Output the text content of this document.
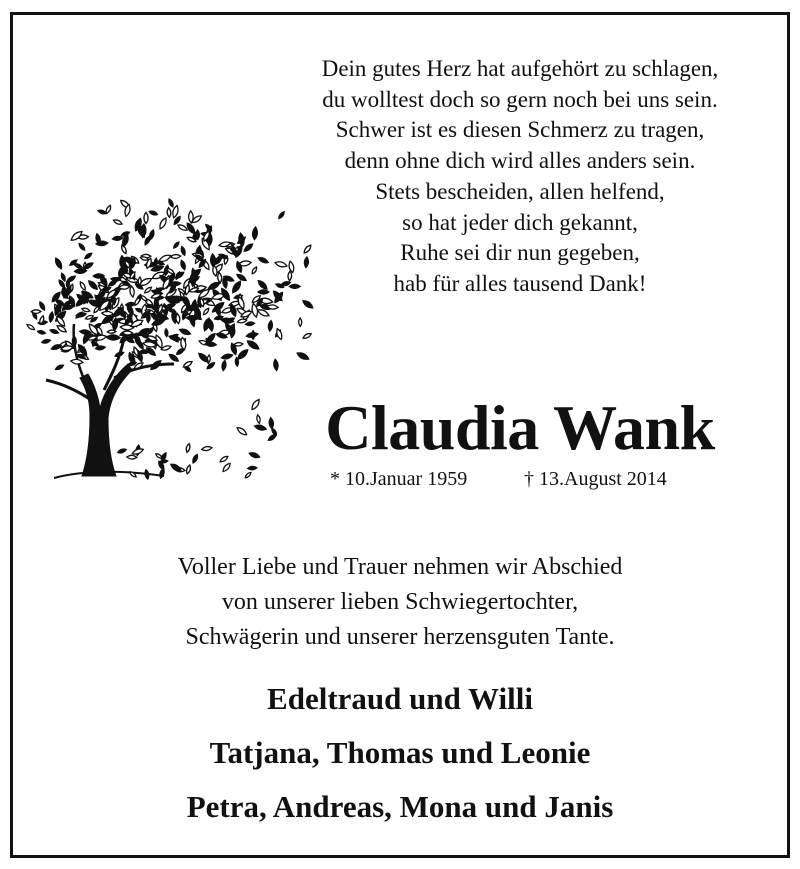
Dein gutes Herz hat aufgehört zu schlagen,
du wolltest doch so gern noch bei uns sein.
Schwer ist es diesen Schmerz zu tragen,
denn ohne dich wird alles anders sein.
Stets bescheiden, allen helfend,
so hat jeder dich gekannt,
Ruhe sei dir nun gegeben,
hab für alles tausend Dank!
Claudia Wank
* 10.Januar 1959	† 13.August 2014
Voller Liebe und Trauer nehmen wir Abschied
von unserer lieben Schwiegertochter,
Schwägerin und unserer herzensguten Tante.
Edeltraud und Willi
Tatjana, Thomas und Leonie
Petra, Andreas, Mona und Janis
